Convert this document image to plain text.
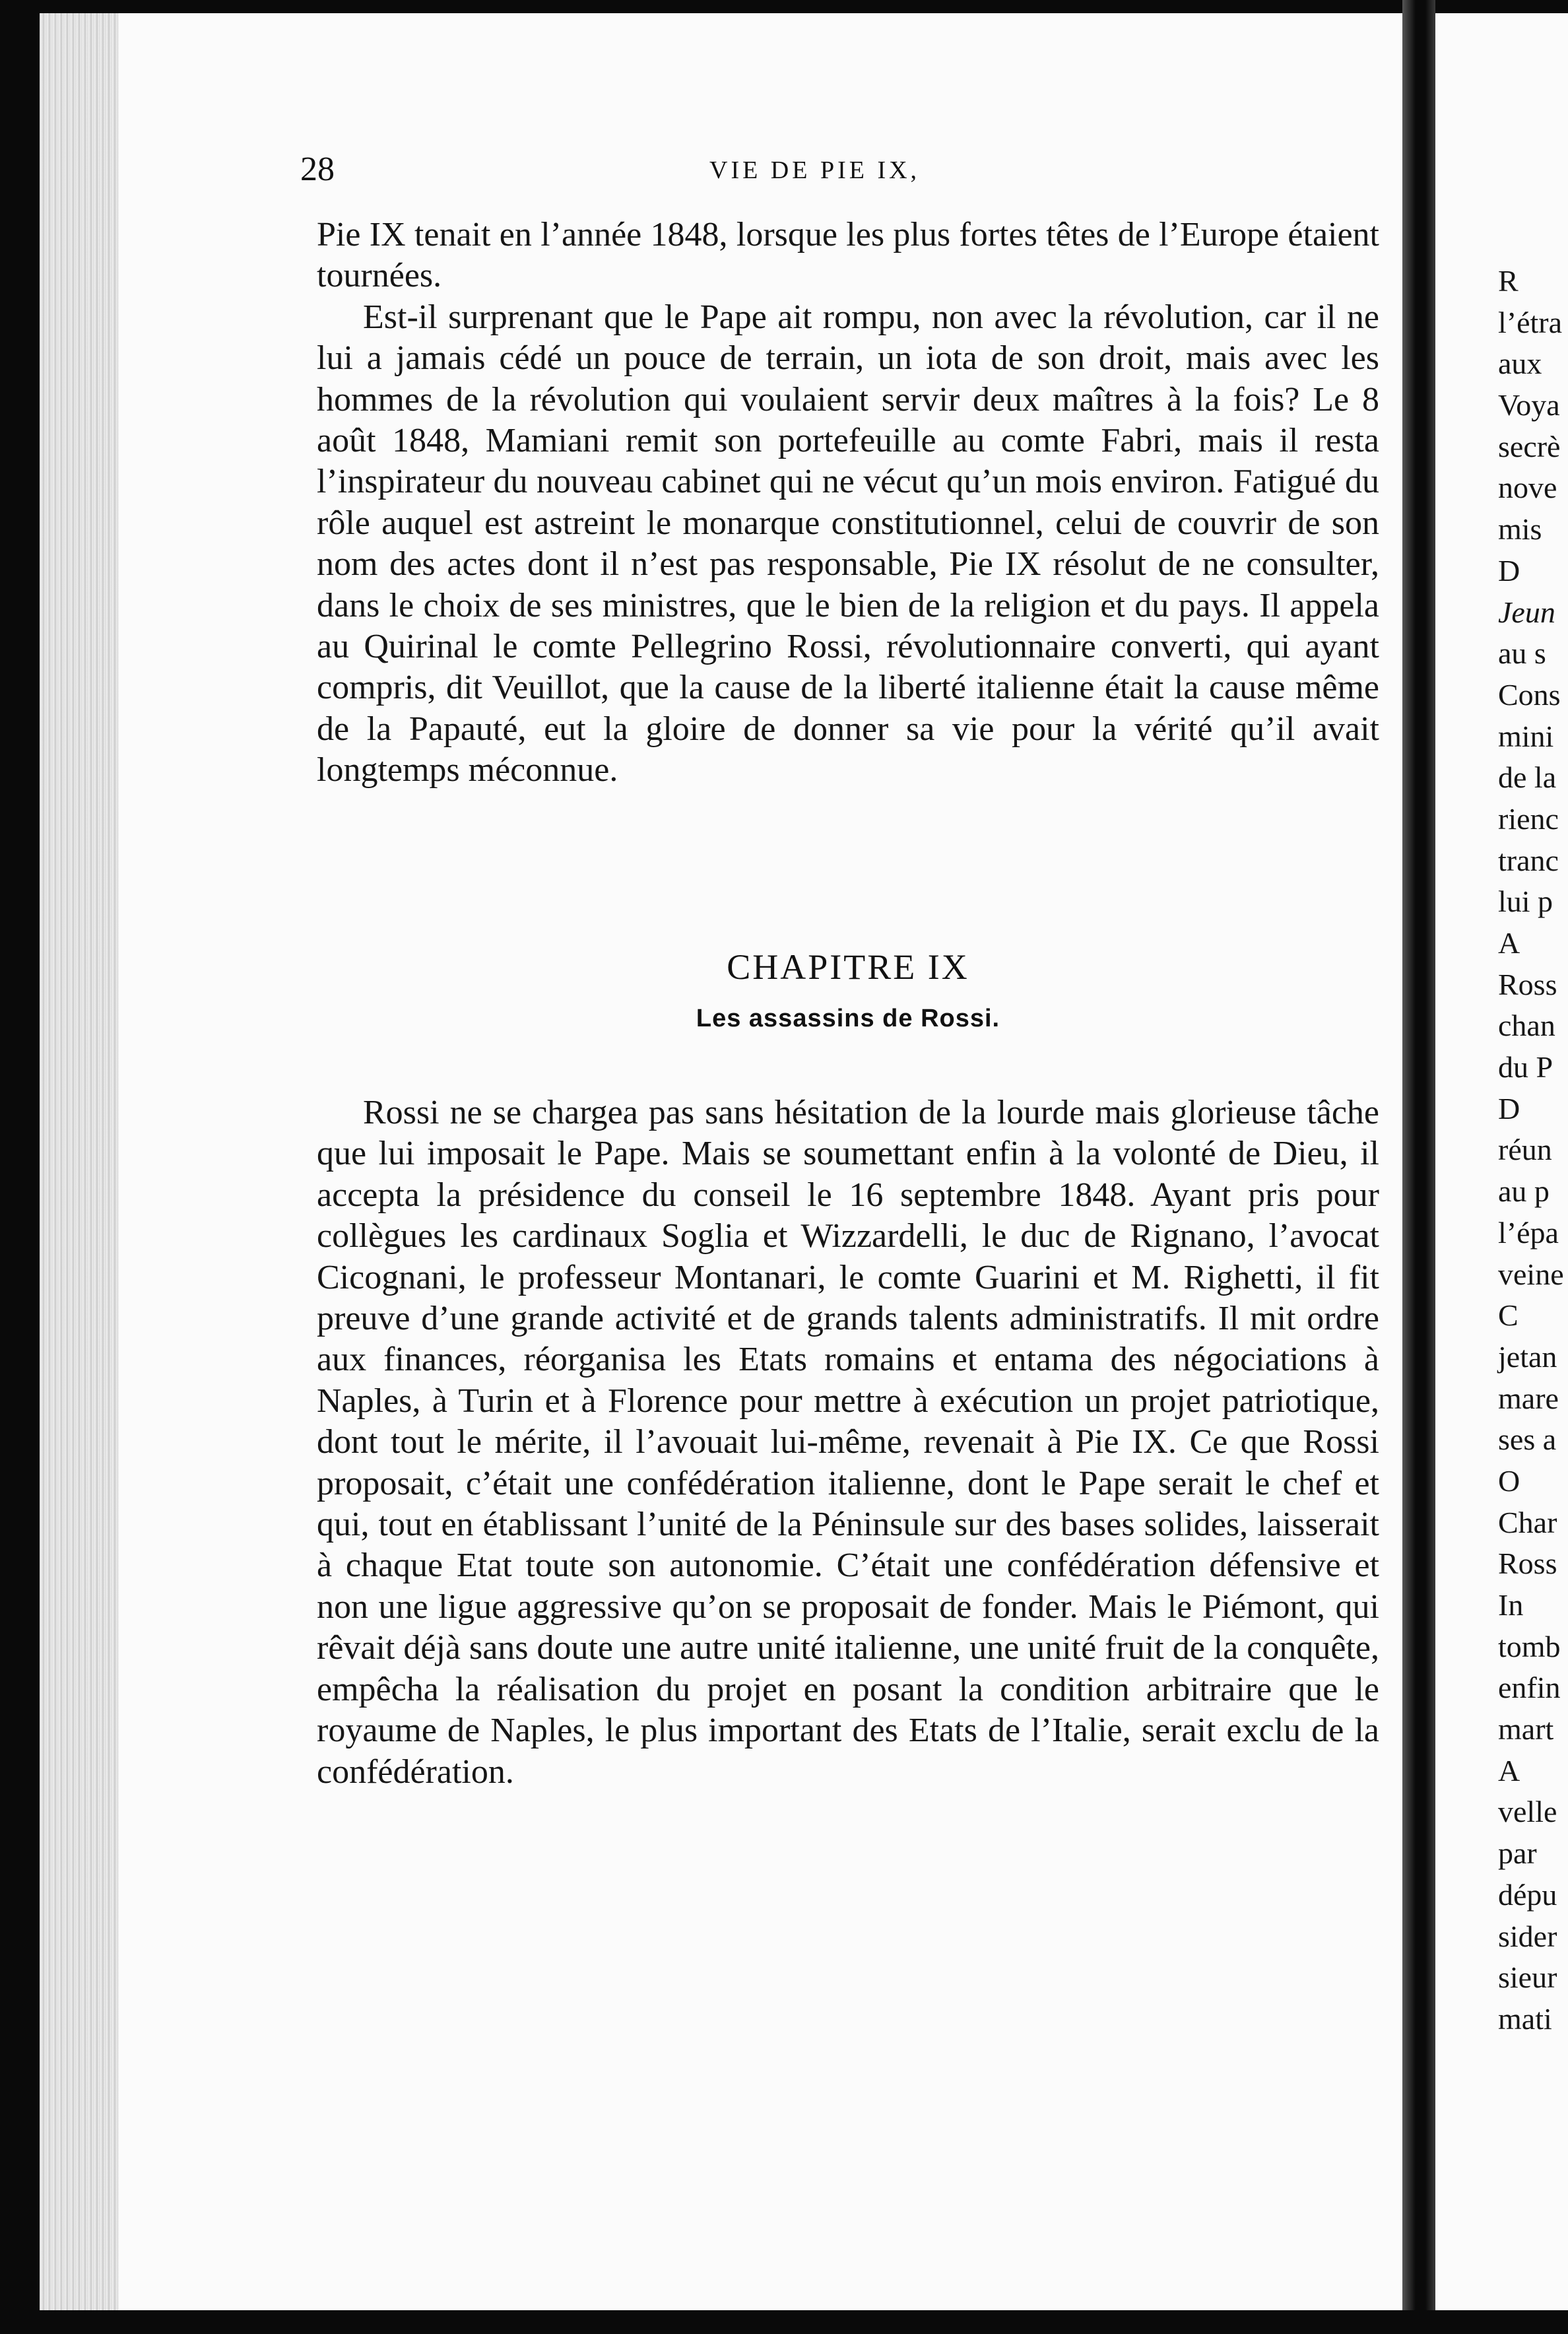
28	VIE DE PIE IX,

Pie IX tenait en l’année 1848, lorsque les plus fortes têtes de l’Europe étaient tournées.

Est-il surprenant que le Pape ait rompu, non avec la révolution, car il ne lui a jamais cédé un pouce de terrain, un iota de son droit, mais avec les hommes de la révolution qui voulaient servir deux maîtres à la fois? Le 8 août 1848, Mamiani remit son portefeuille au comte Fabri, mais il resta l’inspirateur du nouveau cabinet qui ne vécut qu’un mois environ. Fatigué du rôle auquel est astreint le monarque constitutionnel, celui de couvrir de son nom des actes dont il n’est pas responsable, Pie IX résolut de ne consulter, dans le choix de ses ministres, que le bien de la religion et du pays. Il appela au Quirinal le comte Pellegrino Rossi, révolutionnaire converti, qui ayant compris, dit Veuillot, que la cause de la liberté italienne était la cause même de la Papauté, eut la gloire de donner sa vie pour la vérité qu’il avait longtemps méconnue.

CHAPITRE IX
Les assassins de Rossi.

Rossi ne se chargea pas sans hésitation de la lourde mais glorieuse tâche que lui imposait le Pape. Mais se soumettant enfin à la volonté de Dieu, il accepta la présidence du conseil le 16 septembre 1848. Ayant pris pour collègues les cardinaux Soglia et Wizzardelli, le duc de Rignano, l’avocat Cicognani, le professeur Montanari, le comte Guarini et M. Righetti, il fit preuve d’une grande activité et de grands talents administratifs. Il mit ordre aux finances, réorganisa les Etats romains et entama des négociations à Naples, à Turin et à Florence pour mettre à exécution un projet patriotique, dont tout le mérite, il l’avouait lui-même, revenait à Pie IX. Ce que Rossi proposait, c’était une confédération italienne, dont le Pape serait le chef et qui, tout en établissant l’unité de la Péninsule sur des bases solides, laisserait à chaque Etat toute son autonomie. C’était une confédération défensive et non une ligue aggressive qu’on se proposait de fonder. Mais le Piémont, qui rêvait déjà sans doute une autre unité italienne, une unité fruit de la conquête, empêcha la réalisation du projet en posant la condition arbitraire que le royaume de Naples, le plus important des Etats de l’Italie, serait exclu de la confédération.

R
l’étra
aux
Voya
secrè
nove
mis
D
Jeun
au s
Cons
mini
de la
rienc
tranc
lui p
A
Ross
chan
du P
D
réun
au p
l’épa
veine
C
jetan
mare
ses a
O
Char
Ross
In
tomb
enfin
mart
A
velle
par
dépu
sider
sieur
mati
